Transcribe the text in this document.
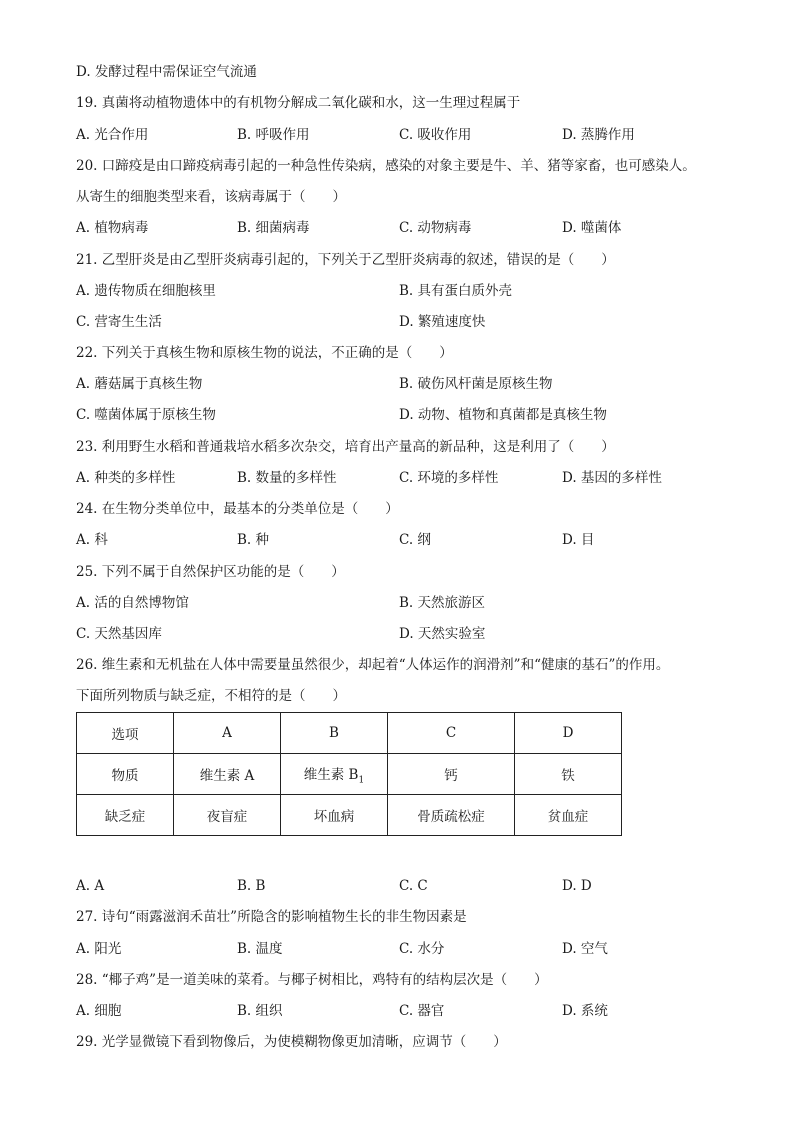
D. 发酵过程中需保证空气流通
19. 真菌将动植物遗体中的有机物分解成二氧化碳和水，这一生理过程属于
A. 光合作用	B. 呼吸作用	C. 吸收作用	D. 蒸腾作用
20. 口蹄疫是由口蹄疫病毒引起的一种急性传染病，感染的对象主要是牛、羊、猪等家畜，也可感染人。
从寄生的细胞类型来看，该病毒属于（　　）
A. 植物病毒	B. 细菌病毒	C. 动物病毒	D. 噬菌体
21. 乙型肝炎是由乙型肝炎病毒引起的，下列关于乙型肝炎病毒的叙述，错误的是（　　）
A. 遗传物质在细胞核里	B. 具有蛋白质外壳
C. 营寄生生活	D. 繁殖速度快
22. 下列关于真核生物和原核生物的说法，不正确的是（　　）
A. 蘑菇属于真核生物	B. 破伤风杆菌是原核生物
C. 噬菌体属于原核生物	D. 动物、植物和真菌都是真核生物
23. 利用野生水稻和普通栽培水稻多次杂交，培育出产量高的新品种，这是利用了（　　）
A. 种类的多样性	B. 数量的多样性	C. 环境的多样性	D. 基因的多样性
24. 在生物分类单位中，最基本的分类单位是（　　）
A. 科	B. 种	C. 纲	D. 目
25. 下列不属于自然保护区功能的是（　　）
A. 活的自然博物馆	B. 天然旅游区
C. 天然基因库	D. 天然实验室
26. 维生素和无机盐在人体中需要量虽然很少，却起着“人体运作的润滑剂”和“健康的基石”的作用。
下面所列物质与缺乏症，不相符的是（　　）
选项	A	B	C	D
物质	维生素 A	维生素 $B_1$	钙	铁
缺乏症	夜盲症	坏血病	骨质疏松症	贫血症
A. A	B. B	C. C	D. D
27. 诗句“雨露滋润禾苗壮”所隐含的影响植物生长的非生物因素是
A. 阳光	B. 温度	C. 水分	D. 空气
28. “椰子鸡”是一道美味的菜肴。与椰子树相比，鸡特有的结构层次是（　　）
A. 细胞	B. 组织	C. 器官	D. 系统
29. 光学显微镜下看到物像后，为使模糊物像更加清晰，应调节（　　）
